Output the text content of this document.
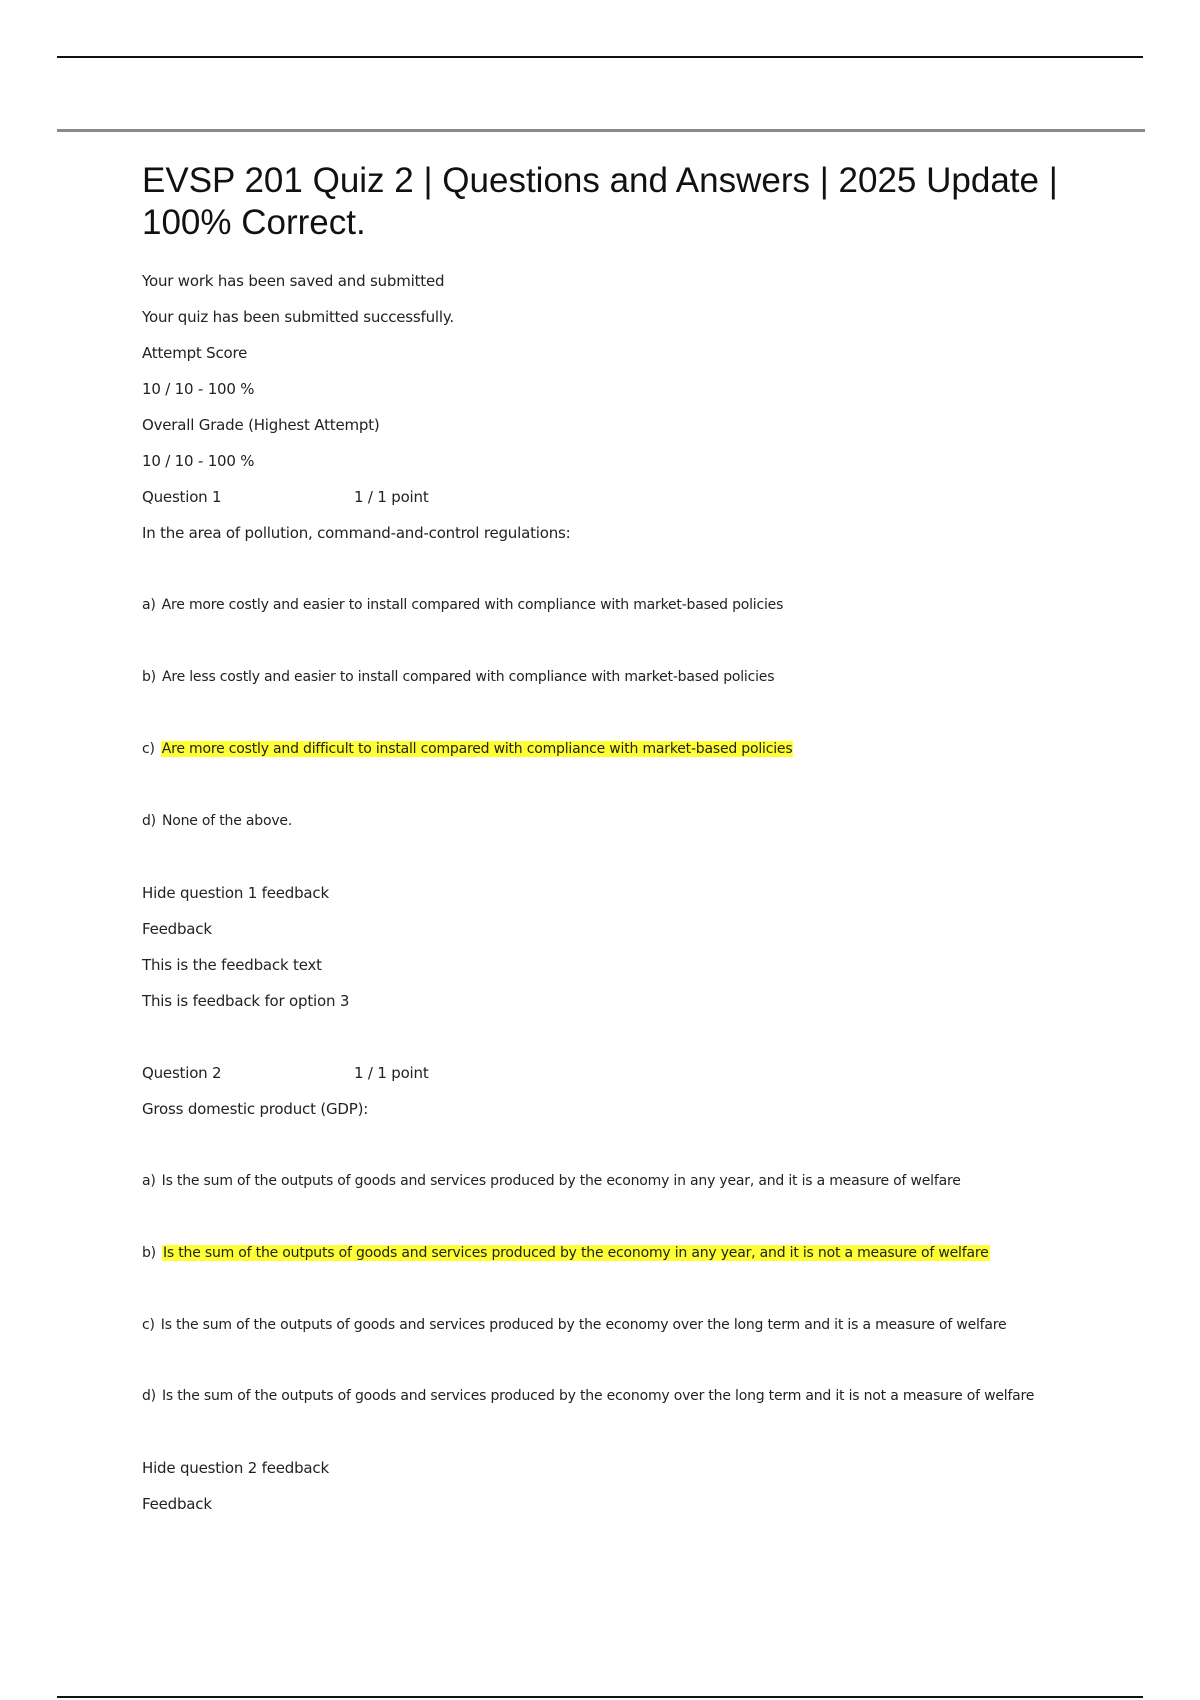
EVSP 201 Quiz 2 | Questions and Answers | 2025 Update | 100% Correct.
Your work has been saved and submitted
Your quiz has been submitted successfully.
Attempt Score
10 / 10 - 100 %
Overall Grade (Highest Attempt)
10 / 10 - 100 %
Question 1	1 / 1 point
In the area of pollution, command-and-control regulations:
a) Are more costly and easier to install compared with compliance with market-based policies
b) Are less costly and easier to install compared with compliance with market-based policies
c) Are more costly and difficult to install compared with compliance with market-based policies
d) None of the above.
Hide question 1 feedback
Feedback
This is the feedback text
This is feedback for option 3
Question 2	1 / 1 point
Gross domestic product (GDP):
a) Is the sum of the outputs of goods and services produced by the economy in any year, and it is a measure of welfare
b) Is the sum of the outputs of goods and services produced by the economy in any year, and it is not a measure of welfare
c) Is the sum of the outputs of goods and services produced by the economy over the long term and it is a measure of welfare
d) Is the sum of the outputs of goods and services produced by the economy over the long term and it is not a measure of welfare
Hide question 2 feedback
Feedback
